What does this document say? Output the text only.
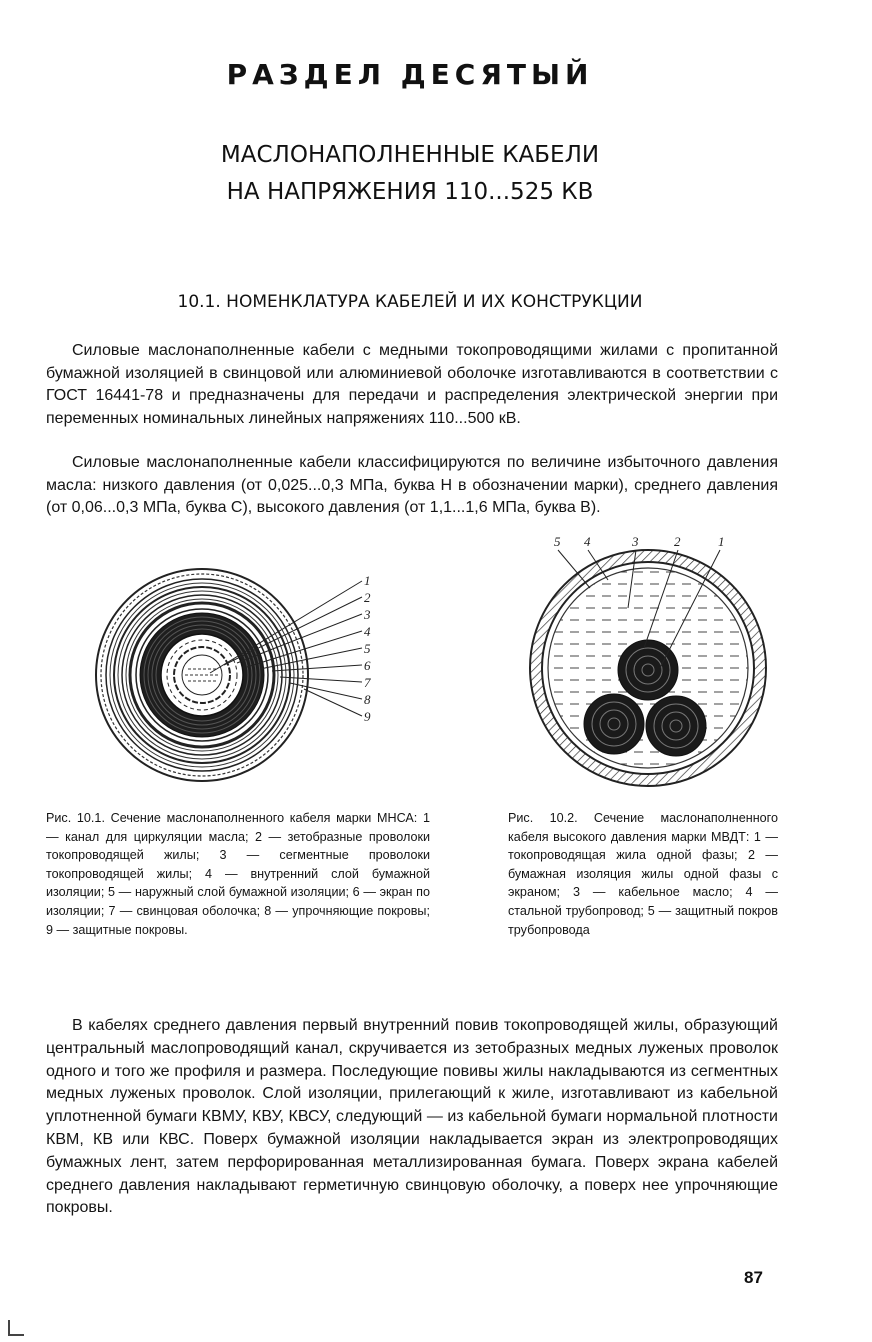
РАЗДЕЛ ДЕСЯТЫЙ
МАСЛОНАПОЛНЕННЫЕ КАБЕЛИ
НА НАПРЯЖЕНИЯ 110...525 КВ
10.1. НОМЕНКЛАТУРА КАБЕЛЕЙ И ИХ КОНСТРУКЦИИ
Силовые маслонаполненные кабели с медными токопроводящими жилами с пропитанной бумажной изоляцией в свинцовой или алюминиевой оболочке изготавливаются в соответствии с ГОСТ 16441-78 и предназначены для передачи и распределения электрической энергии при переменных номинальных линейных напряжениях 110...500 кВ.
Силовые маслонаполненные кабели классифицируются по величине избыточного давления масла: низкого давления (от 0,025...0,3 МПа, буква Н в обозначении марки), среднего давления (от 0,06...0,3 МПа, буква С), высокого давления (от 1,1...1,6 МПа, буква В).
1
2
3
4
5
6
7
8
9
5 4	3	2	1
Рис. 10.1. Сечение маслонаполненного кабеля марки МНСА: 1 — канал для циркуляции масла; 2 — зетобразные проволоки токопроводящей жилы; 3 — сегментные проволоки токопроводящей жилы; 4 — внутренний слой бумажной изоляции; 5 — наружный слой бумажной изоляции; 6 — экран по изоляции; 7 — свинцовая оболочка; 8 — упрочняющие покровы; 9 — защитные покровы.
Рис. 10.2. Сечение маслонаполненного кабеля высокого давления марки МВДТ: 1 — токопроводящая жила одной фазы; 2 — бумажная изоляция жилы одной фазы с экраном; 3 — кабельное масло; 4 — стальной трубопровод; 5 — защитный покров трубопровода
В кабелях среднего давления первый внутренний повив токопроводящей жилы, образующий центральный маслопроводящий канал, скручивается из зетобразных медных луженых проволок одного и того же профиля и размера. Последующие повивы жилы накладываются из сегментных медных луженых проволок. Слой изоляции, прилегающий к жиле, изготавливают из кабельной уплотненной бумаги КВМУ, КВУ, КВСУ, следующий — из кабельной бумаги нормальной плотности КВМ, КВ или КВС. Поверх бумажной изоляции накладывается экран из электропроводящих бумажных лент, затем перфорированная металлизированная бумага. Поверх экрана кабелей среднего давления накладывают герметичную свинцовую оболочку, а поверх нее упрочняющие покровы.
87
